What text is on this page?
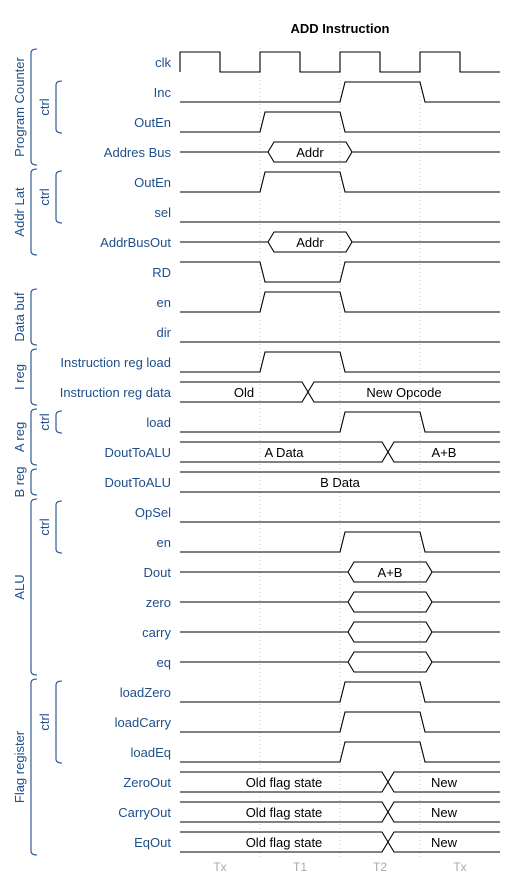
ADD Instruction
Addr
Addr
Old	New Opcode
A Data	A+B
B Data
A+B
Old flag state	New
Old flag state	New
Old flag state	New
clk
Inc
OutEn
Addres Bus
OutEn
sel
AddrBusOut
RD
en
dir
Instruction reg load
Instruction reg data
load
DoutToALU
DoutToALU
OpSel
en
Dout
zero
carry
eq
loadZero
loadCarry
loadEq
ZeroOut
CarryOut
EqOut
Program Counter ctrl
Addr Lat ctrl
Data buf
I reg
A reg ctrl
B reg
ALU
ctrl
Flag register
ctrl
Tx	T1	T2	Tx
